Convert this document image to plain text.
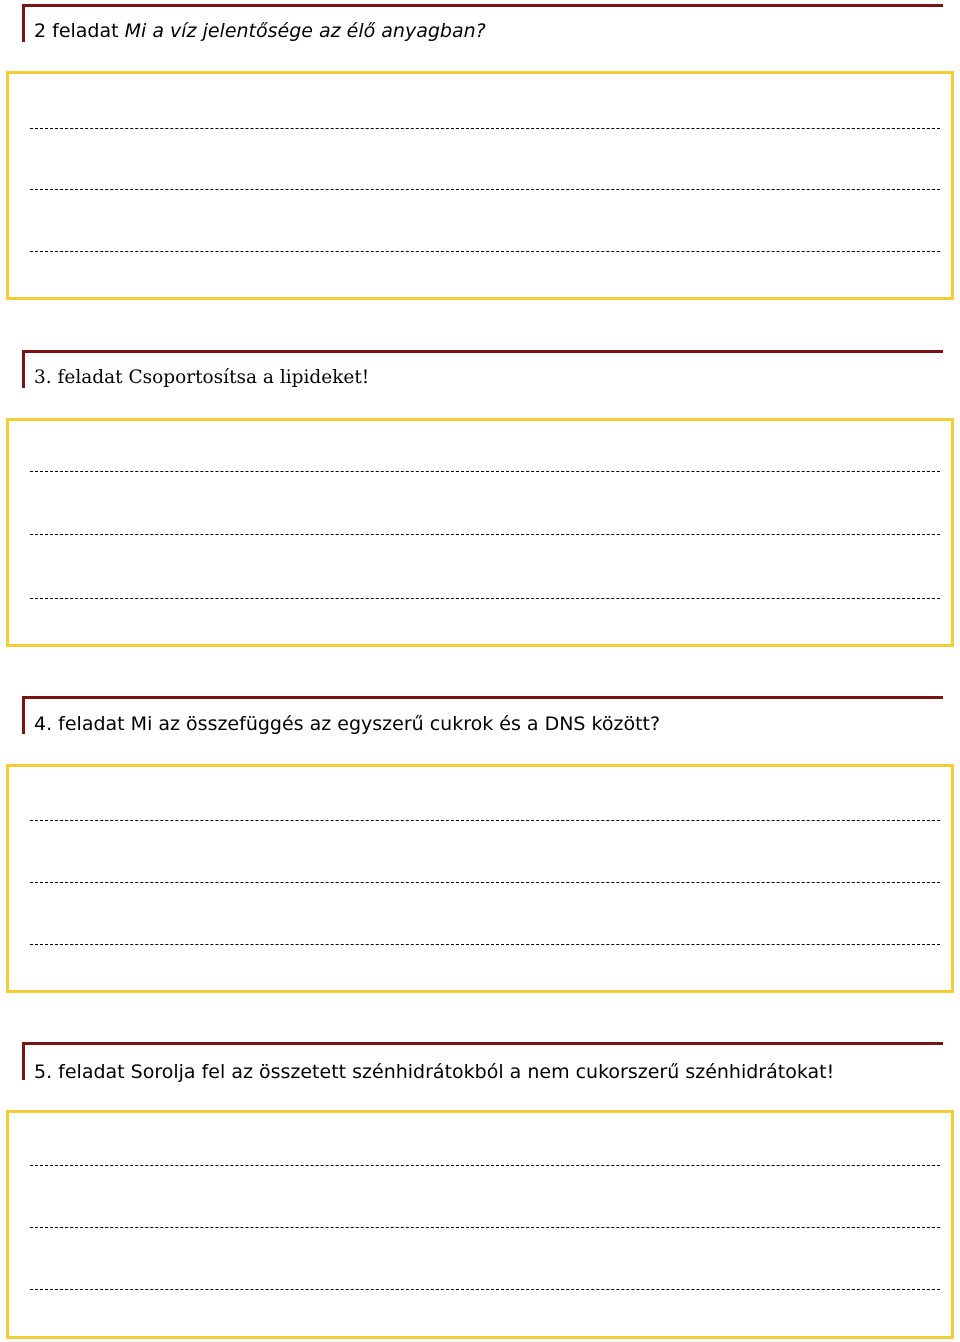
2 feladat Mi a víz jelentősége az élő anyagban?
3. feladat Csoportosítsa a lipideket!
4. feladat Mi az összefüggés az egyszerű cukrok és a DNS között?
5. feladat Sorolja fel az összetett szénhidrátokból a nem cukorszerű szénhidrátokat!
